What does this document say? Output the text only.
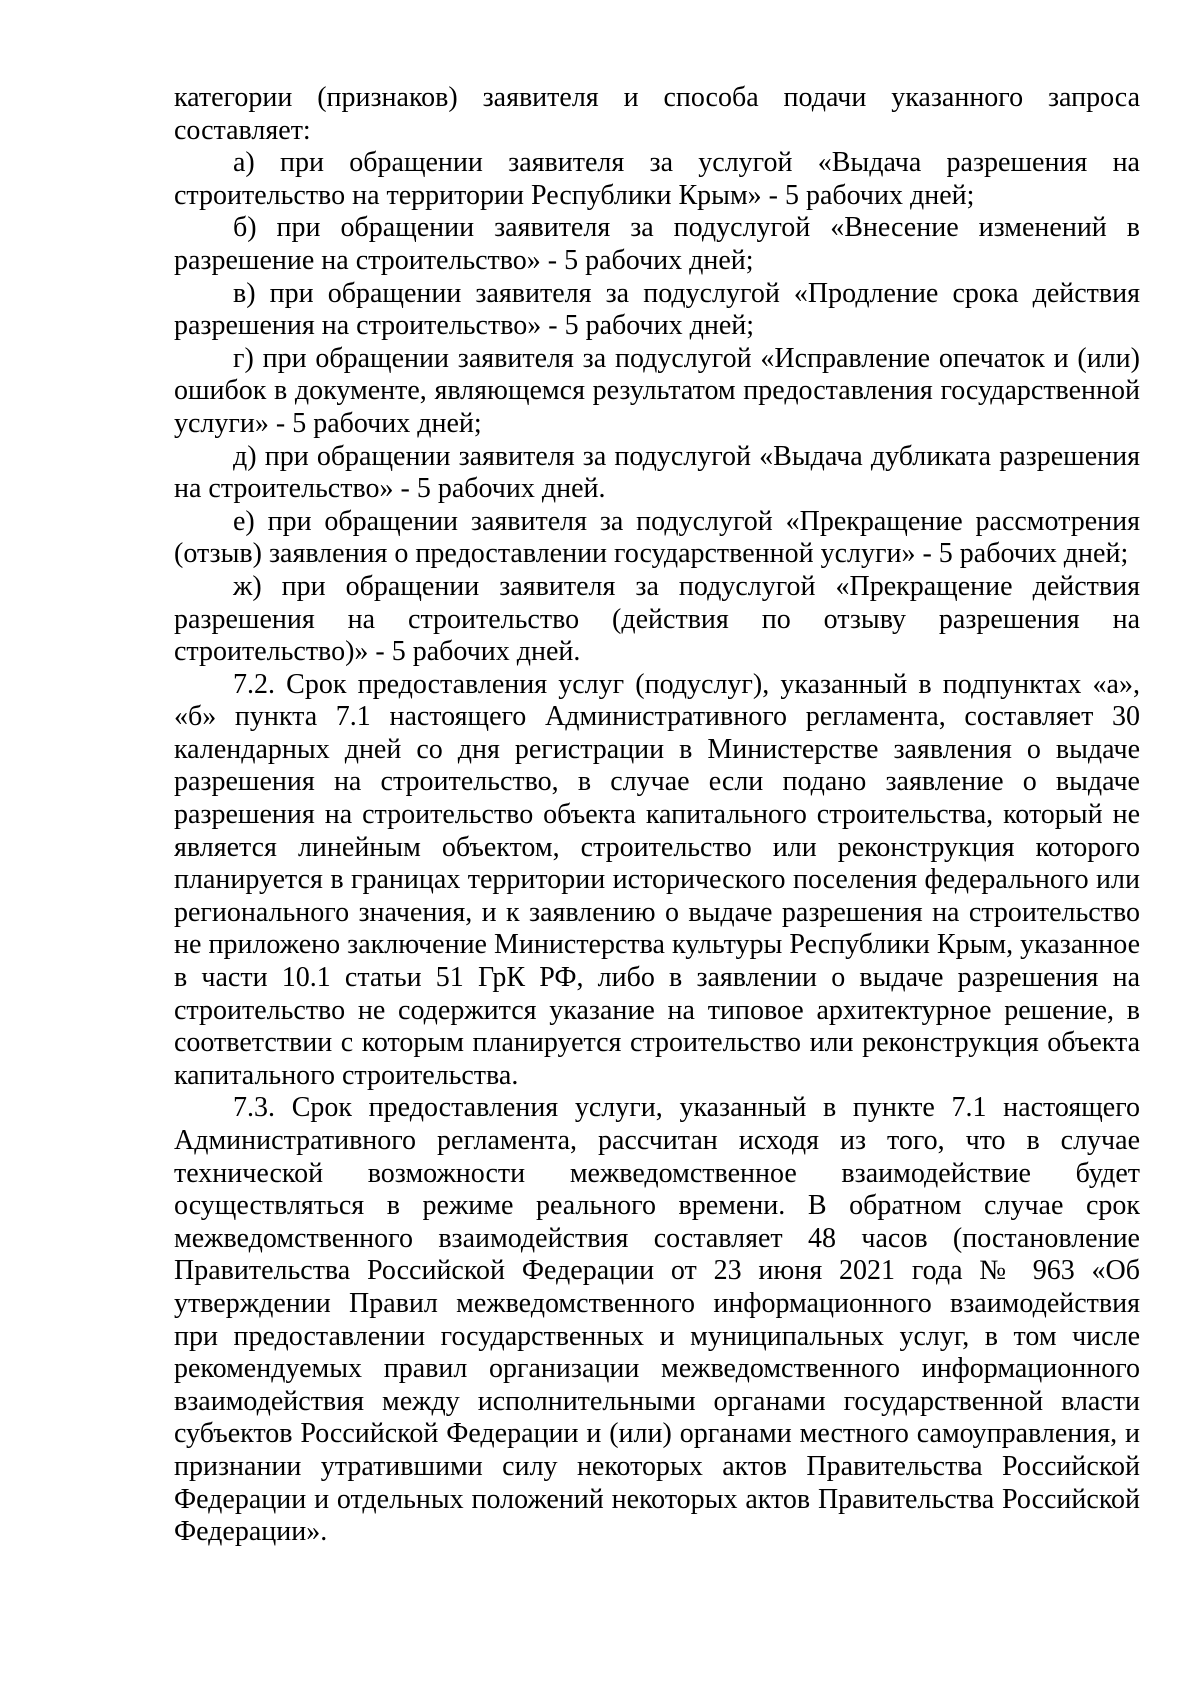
категории (признаков) заявителя и способа подачи указанного запроса составляет:

а) при обращении заявителя за услугой «Выдача разрешения на строительство на территории Республики Крым» - 5 рабочих дней;

б) при обращении заявителя за подуслугой «Внесение изменений в разрешение на строительство» - 5 рабочих дней;

в) при обращении заявителя за подуслугой «Продление срока действия разрешения на строительство» - 5 рабочих дней;

г) при обращении заявителя за подуслугой «Исправление опечаток и (или) ошибок в документе, являющемся результатом предоставления государственной услуги» - 5 рабочих дней;

д) при обращении заявителя за подуслугой «Выдача дубликата разрешения на строительство» - 5 рабочих дней.

е) при обращении заявителя за подуслугой «Прекращение рассмотрения (отзыв) заявления о предоставлении государственной услуги» - 5 рабочих дней;

ж) при обращении заявителя за подуслугой «Прекращение действия разрешения на строительство (действия по отзыву разрешения на строительство)» - 5 рабочих дней.

7.2. Срок предоставления услуг (подуслуг), указанный в подпунктах «а», «б» пункта 7.1 настоящего Административного регламента, составляет 30 календарных дней со дня регистрации в Министерстве заявления о выдаче разрешения на строительство, в случае если подано заявление о выдаче разрешения на строительство объекта капитального строительства, который не является линейным объектом, строительство или реконструкция которого планируется в границах территории исторического поселения федерального или регионального значения, и к заявлению о выдаче разрешения на строительство не приложено заключение Министерства культуры Республики Крым, указанное в части 10.1 статьи 51 ГрК РФ, либо в заявлении о выдаче разрешения на строительство не содержится указание на типовое архитектурное решение, в соответствии с которым планируется строительство или реконструкция объекта капитального строительства.

7.3. Срок предоставления услуги, указанный в пункте 7.1 настоящего Административного регламента, рассчитан исходя из того, что в случае технической возможности межведомственное взаимодействие будет осуществляться в режиме реального времени. В обратном случае срок межведомственного взаимодействия составляет 48 часов (постановление Правительства Российской Федерации от 23 июня 2021 года № 963 «Об утверждении Правил межведомственного информационного взаимодействия при предоставлении государственных и муниципальных услуг, в том числе рекомендуемых правил организации межведомственного информационного взаимодействия между исполнительными органами государственной власти субъектов Российской Федерации и (или) органами местного самоуправления, и признании утратившими силу некоторых актов Правительства Российской Федерации и отдельных положений некоторых актов Правительства Российской Федерации».
